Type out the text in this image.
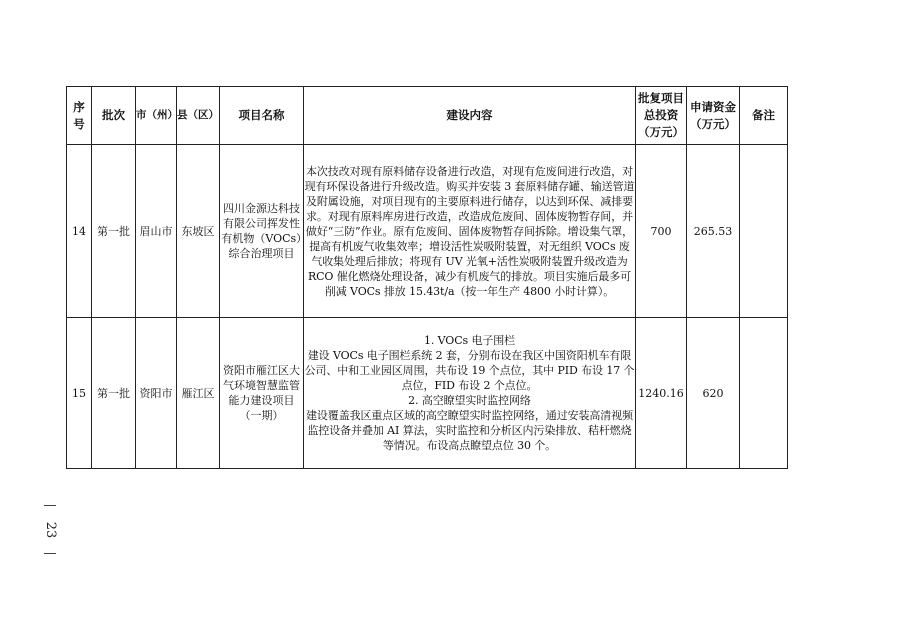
序号	批次	市（州）	县（区）	项目名称	建设内容	批复项目总投资（万元）	申请资金（万元）	备注
14	第一批	眉山市	东坡区	四川金源达科技有限公司挥发性有机物（VOCs）综合治理项目	本次技改对现有原料储存设备进行改造，对现有危废间进行改造，对现有环保设备进行升级改造。购买并安装 3 套原料储存罐、输送管道及附属设施，对项目现有的主要原料进行储存，以达到环保、减排要求。对现有原料库房进行改造，改造成危废间、固体废物暂存间，并做好“三防”作业。原有危废间、固体废物暂存间拆除。增设集气罩，提高有机废气收集效率；增设活性炭吸附装置，对无组织 VOCs 废气收集处理后排放；将现有 UV 光氧+活性炭吸附装置升级改造为 RCO 催化燃烧处理设备，减少有机废气的排放。项目实施后最多可削减 VOCs 排放 15.43t/a（按一年生产 4800 小时计算）。	700	265.53	
15	第一批	资阳市	雁江区	资阳市雁江区大气环境智慧监管能力建设项目（一期）	1. VOCs 电子围栏

建设 VOCs 电子围栏系统 2 套，分别布设在我区中国资阳机车有限公司、中和工业园区周围，共布设 19 个点位，其中 PID 布设 17 个点位，FID 布设 2 个点位。

2. 高空瞭望实时监控网络

建设覆盖我区重点区域的高空瞭望实时监控网络，通过安装高清视频监控设备并叠加 AI 算法，实时监控和分析区内污染排放、秸杆燃烧等情况。布设高点瞭望点位 30 个。	1240.16	620	
—
23
—
